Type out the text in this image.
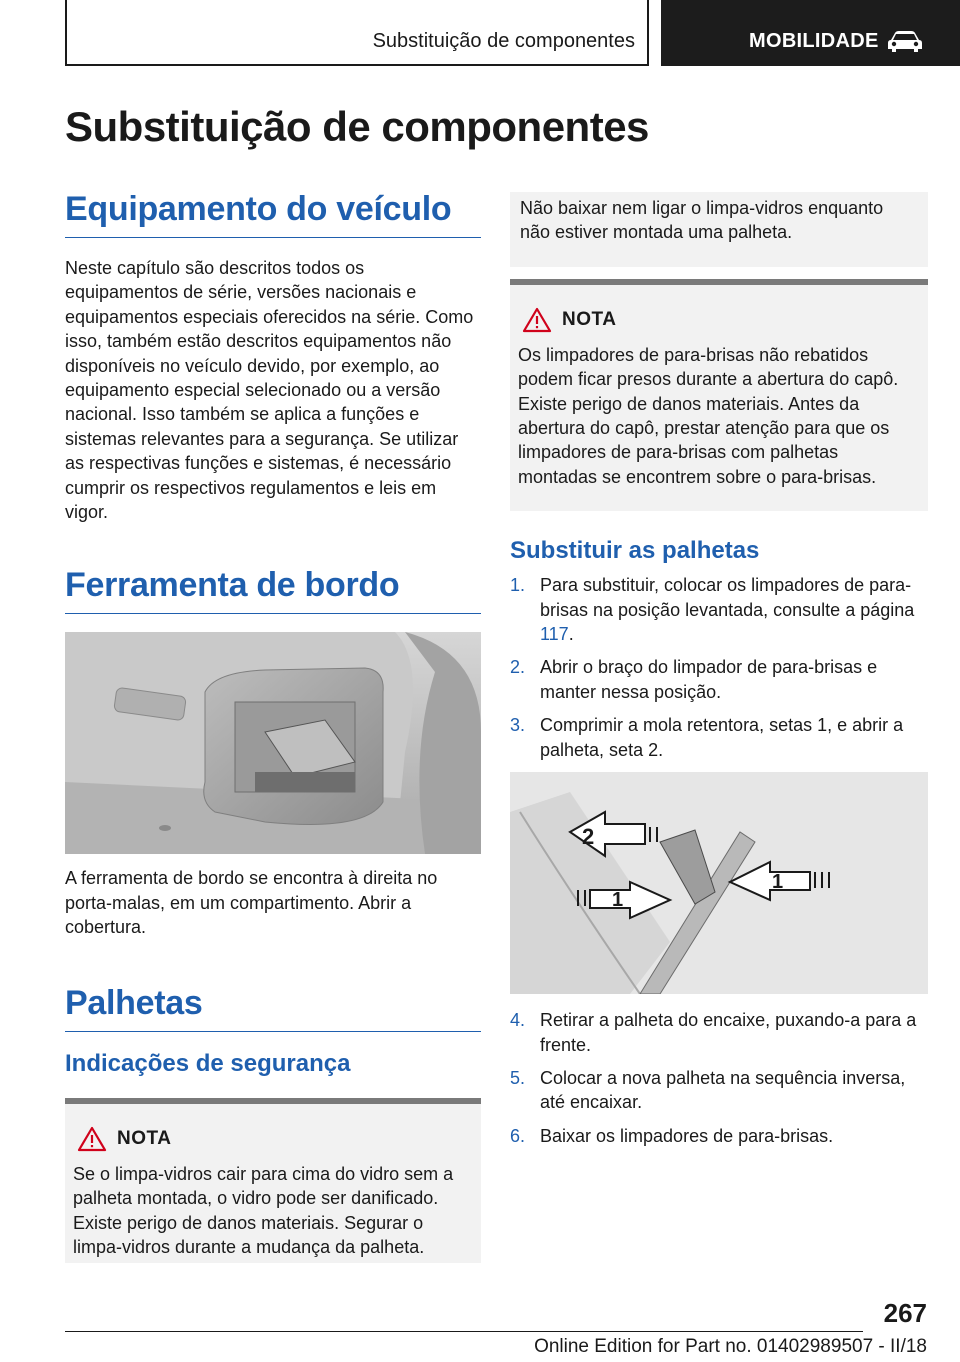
Substituição de componentes	MOBILIDADE
Substituição de componentes
Equipamento do veículo

Neste capítulo são descritos todos os equipamentos de série, versões nacionais e equipamentos especiais oferecidos na série. Como isso, também estão descritos equipamentos não disponíveis no veículo devido, por exemplo, ao equipamento especial selecionado ou a versão nacional. Isso também se aplica a funções e sistemas relevantes para a segurança. Se utilizar as respectivas funções e sistemas, é necessário cumprir os respectivos regulamentos e leis em vigor.

Ferramenta de bordo

A ferramenta de bordo se encontra à direita no porta-malas, em um compartimento. Abrir a cobertura.

Palhetas
Indicações de segurança
NOTA

Se o limpa-vidros cair para cima do vidro sem a palheta montada, o vidro pode ser danificado. Existe perigo de danos materiais. Segurar o limpa-vidros durante a mudança da palheta.

Não baixar nem ligar o limpa-vidros enquanto não estiver montada uma palheta.

NOTA

Os limpadores de para-brisas não rebatidos podem ficar presos durante a abertura do capô. Existe perigo de danos materiais. Antes da abertura do capô, prestar atenção para que os limpadores de para-brisas com palhetas montadas se encontrem sobre o para-brisas.

Substituir as palhetas
1. Para substituir, colocar os limpadores de para-brisas na posição levantada, consulte a página 117.
2. Abrir o braço do limpador de para-brisas e manter nessa posição.
3. Comprimir a mola retentora, setas 1, e abrir a palheta, seta 2.
2
1
1
4. Retirar a palheta do encaixe, puxando-a para a frente.
5. Colocar a nova palheta na sequência inversa, até encaixar.
6. Baixar os limpadores de para-brisas.
267
Online Edition for Part no. 01402989507 - II/18
